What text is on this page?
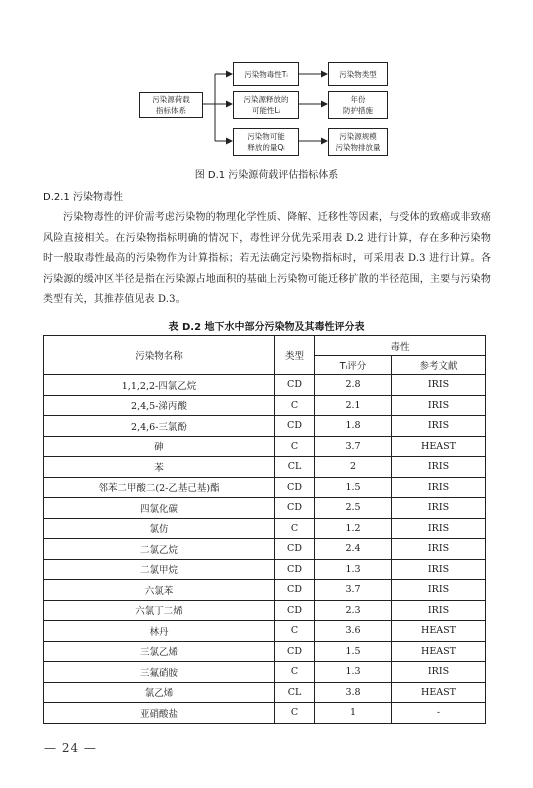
污染源荷载
指标体系
污染物毒性Tᵢ
污染源释放的
可能性Lᵢ
污染物可能
释放的量Qᵢ
污染物类型
年份
防护措施
污染源规模
污染物排放量
图 D.1 污染源荷载评估指标体系
D.2.1 污染物毒性
污染物毒性的评价需考虑污染物的物理化学性质、降解、迁移性等因素，与受体的致癌或非致癌风险直接相关。在污染物指标明确的情况下，毒性评分优先采用表 D.2 进行计算，存在多种污染物时一般取毒性最高的污染物作为计算指标；若无法确定污染物指标时，可采用表 D.3 进行计算。各污染源的缓冲区半径是指在污染源占地面积的基础上污染物可能迁移扩散的半径范围，主要与污染物类型有关，其推荐值见表 D.3。
表 D.2 地下水中部分污染物及其毒性评分表
污染物名称	类型	毒性	
		Tᵢ评分	参考文献
1,1,2,2-四氯乙烷	CD	2.8	IRIS
2,4,5-涕丙酸	C	2.1	IRIS
2,4,6-三氯酚	CD	1.8	IRIS
砷	C	3.7	HEAST
苯	CL	2	IRIS
邻苯二甲酸二(2-乙基己基)酯	CD	1.5	IRIS
四氯化碳	CD	2.5	IRIS
氯仿	C	1.2	IRIS
二氯乙烷	CD	2.4	IRIS
二氯甲烷	CD	1.3	IRIS
六氯苯	CD	3.7	IRIS
六氯丁二烯	CD	2.3	IRIS
林丹	C	3.6	HEAST
三氯乙烯	CD	1.5	HEAST
三氟硝胺	C	1.3	IRIS
氯乙烯	CL	3.8	HEAST
亚硝酸盐	C	1	-
— 24 —
